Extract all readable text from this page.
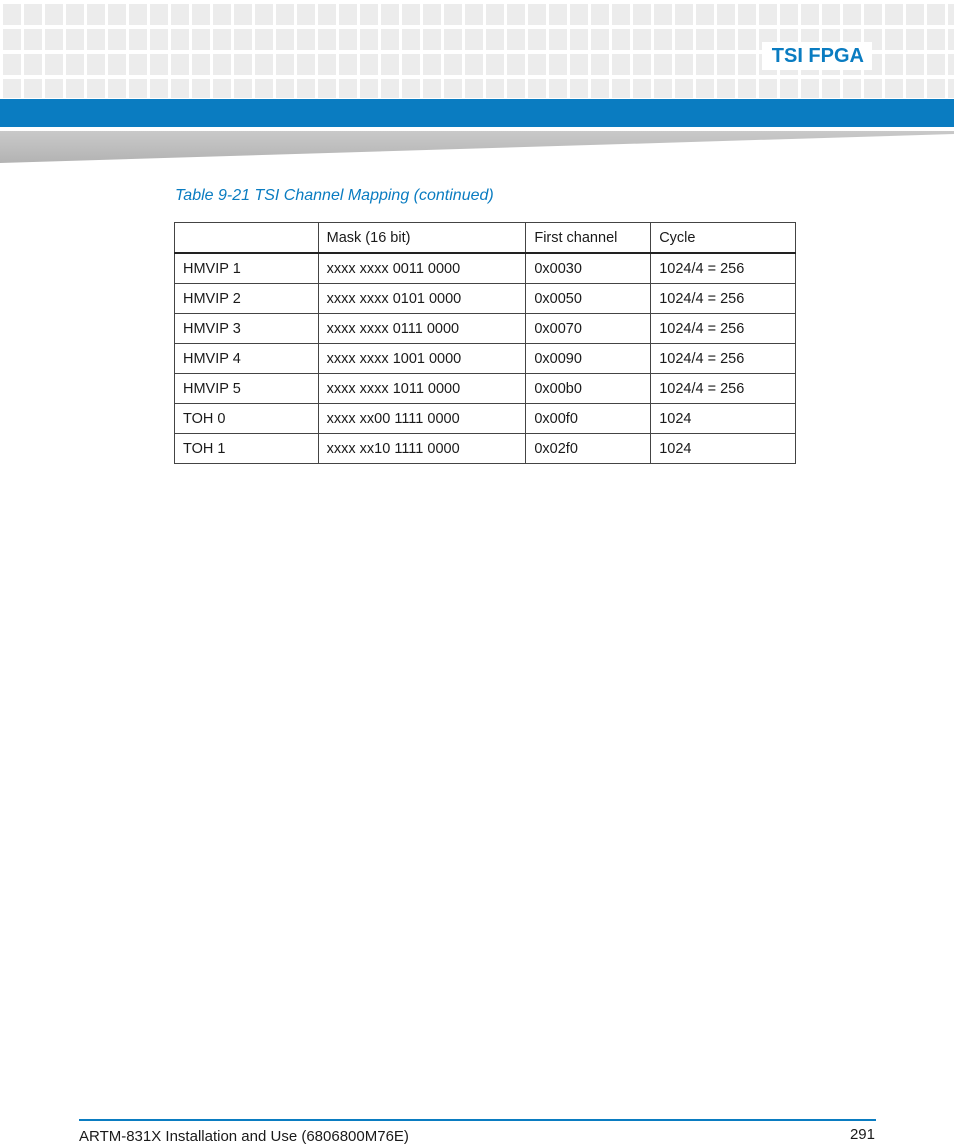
TSI FPGA
Table 9-21 TSI Channel Mapping (continued)
	Mask (16 bit)	First channel	Cycle
HMVIP 1	xxxx xxxx 0011 0000	0x0030	1024/4 = 256
HMVIP 2	xxxx xxxx 0101 0000	0x0050	1024/4 = 256
HMVIP 3	xxxx xxxx 0111 0000	0x0070	1024/4 = 256
HMVIP 4	xxxx xxxx 1001 0000	0x0090	1024/4 = 256
HMVIP 5	xxxx xxxx 1011 0000	0x00b0	1024/4 = 256
TOH 0	xxxx xx00 1111 0000	0x00f0	1024
TOH 1	xxxx xx10 1111 0000	0x02f0	1024
ARTM-831X Installation and Use (6806800M76E)	291
